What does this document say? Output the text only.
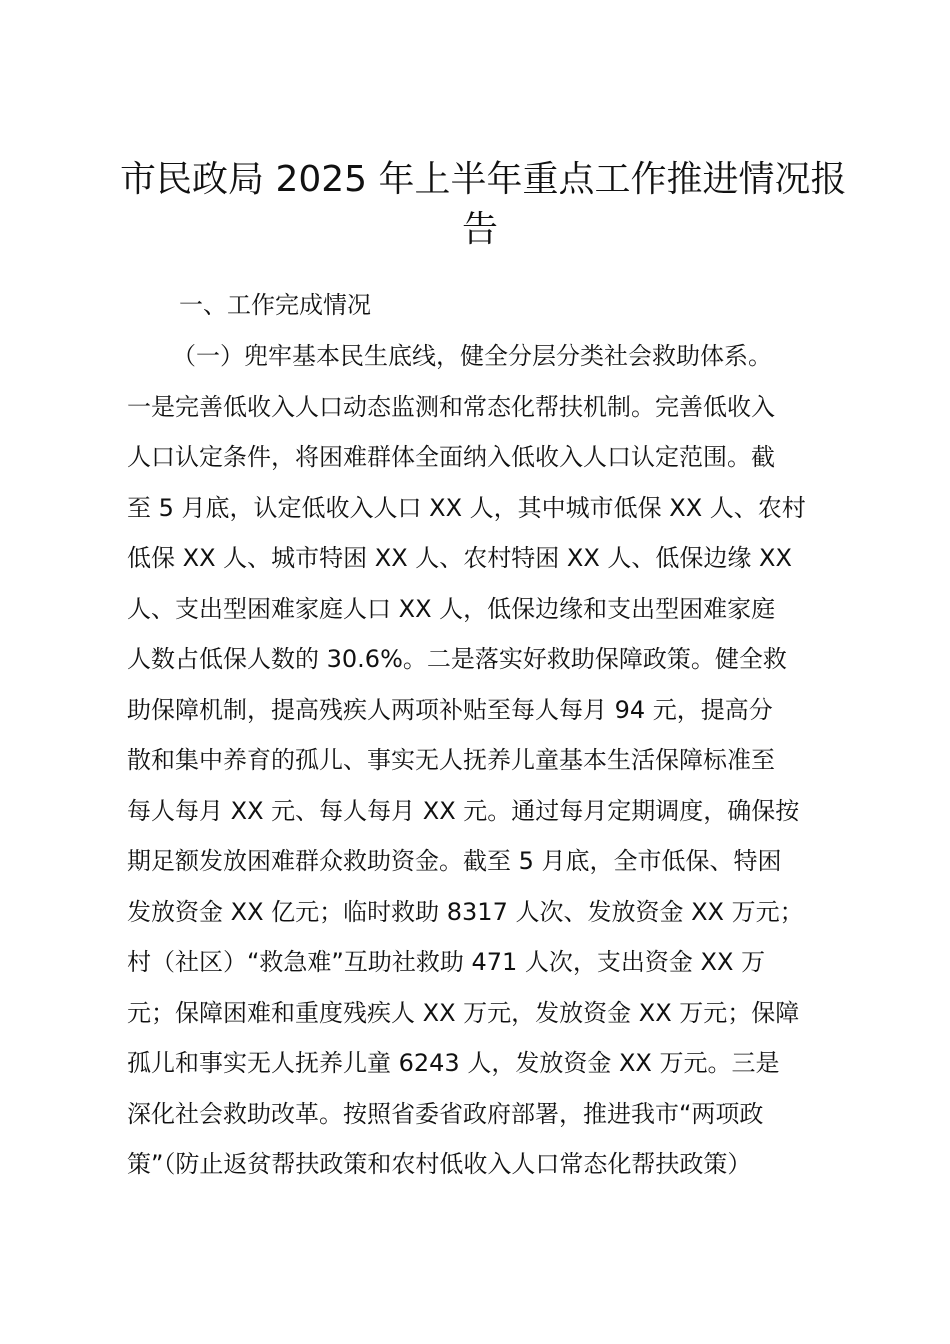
市民政局 2025 年上半年重点工作推进情况报
告
一、工作完成情况
（一）兜牢基本民生底线，健全分层分类社会救助体系。
一是完善低收入人口动态监测和常态化帮扶机制。完善低收入
人口认定条件，将困难群体全面纳入低收入人口认定范围。截
至 5 月底，认定低收入人口 XX 人，其中城市低保 XX 人、农村
低保 XX 人、城市特困 XX 人、农村特困 XX 人、低保边缘 XX
人、支出型困难家庭人口 XX 人，低保边缘和支出型困难家庭
人数占低保人数的 30.6%。二是落实好救助保障政策。健全救
助保障机制，提高残疾人两项补贴至每人每月 94 元，提高分
散和集中养育的孤儿、事实无人抚养儿童基本生活保障标准至
每人每月 XX 元、每人每月 XX 元。通过每月定期调度，确保按
期足额发放困难群众救助资金。截至 5 月底，全市低保、特困
发放资金 XX 亿元；临时救助 8317 人次、发放资金 XX 万元；
村（社区）“救急难”互助社救助 471 人次，支出资金 XX 万
元；保障困难和重度残疾人 XX 万元，发放资金 XX 万元；保障
孤儿和事实无人抚养儿童 6243 人，发放资金 XX 万元。三是
深化社会救助改革。按照省委省政府部署，推进我市“两项政
策”（防止返贫帮扶政策和农村低收入人口常态化帮扶政策）
